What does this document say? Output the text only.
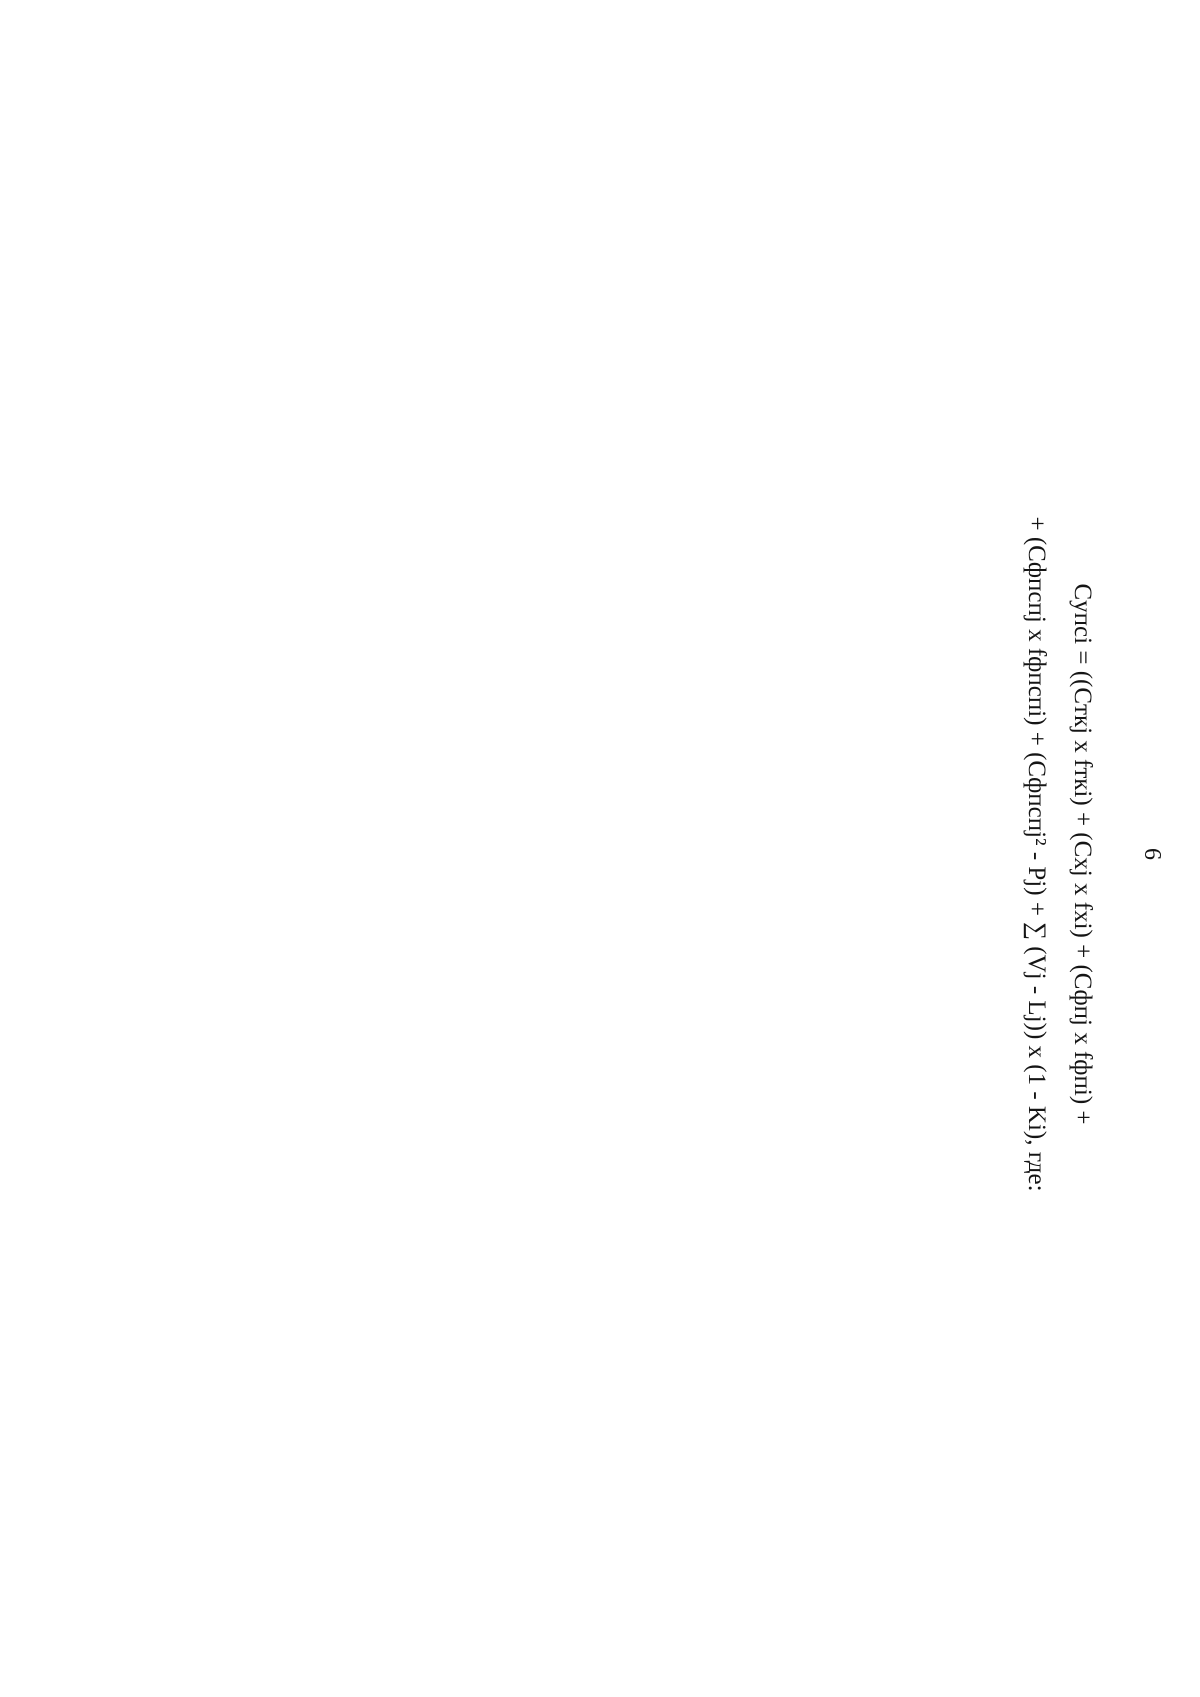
6

Cупсi = ((Cткj x fткi) + (Cxj x fxi) + (Cфпj x fфпi) +
+ (Cфпспj x fфпспi) + (Cфпспj² - Pj) + ∑ (Vj - Lj)) x (1 - Ki), где:
